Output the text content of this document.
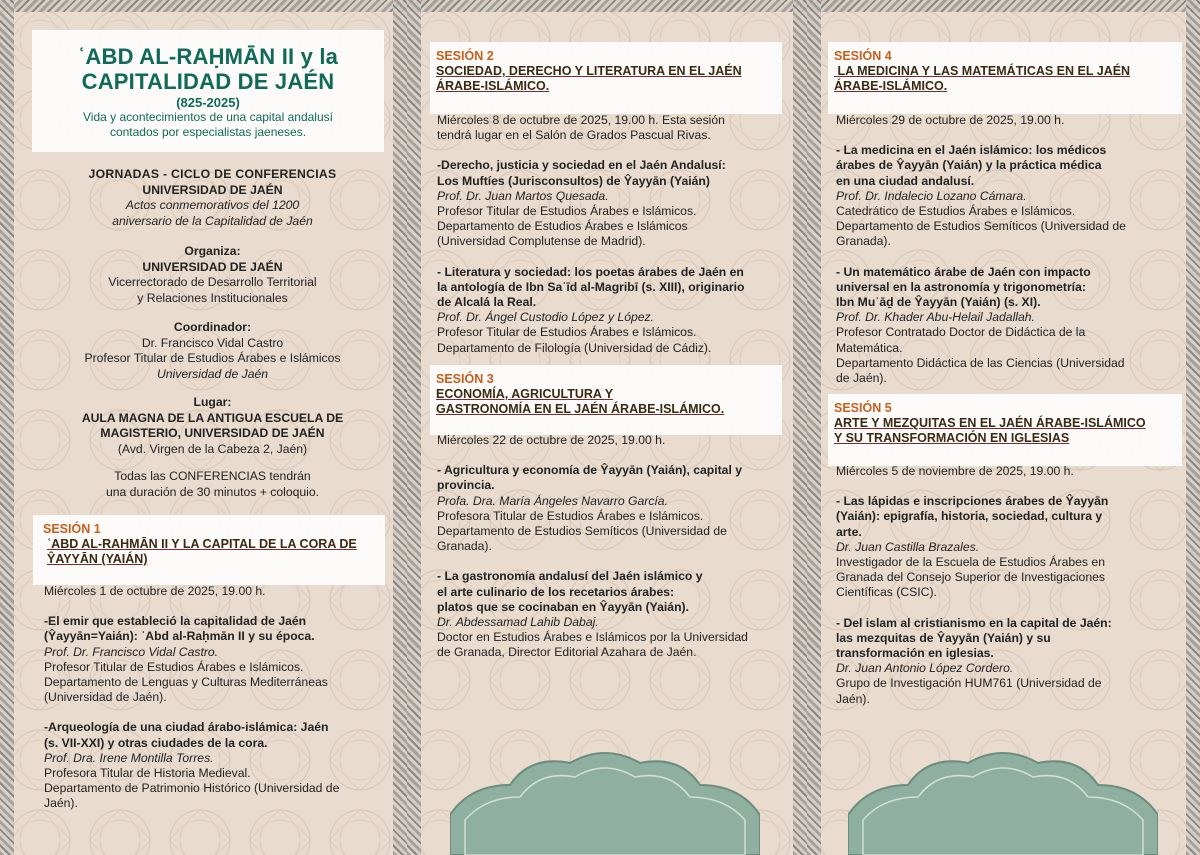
ʿABD AL-RAḤMĀN II y la
CAPITALIDAD DE JAÉN
(825-2025)
Vida y acontecimientos de una capital andalusí
contados por especialistas jaeneses.
JORNADAS - CICLO DE CONFERENCIAS
UNIVERSIDAD DE JAÉN
Actos conmemorativos del 1200
aniversario de la Capitalidad de Jaén
Organiza:
UNIVERSIDAD DE JAÉN
Vicerrectorado de Desarrollo Territorial
y Relaciones Institucionales
Coordinador:
Dr. Francisco Vidal Castro
Profesor Titular de Estudios Árabes e Islámicos
Universidad de Jaén
Lugar:
AULA MAGNA DE LA ANTIGUA ESCUELA DE
MAGISTERIO, UNIVERSIDAD DE JAÉN
(Avd. Virgen de la Cabeza 2, Jaén)
Todas las CONFERENCIAS tendrán
una duración de 30 minutos + coloquio.
SESIÓN 1
ʿABD AL-RAHMĀN II Y LA CAPITAL DE LA CORA DE
ŶAYYĀN (YAIÁN)

Miércoles 1 de octubre de 2025, 19.00 h.

-El emir que estableció la capitalidad de Jaén

(Ŷayyān=Yaián): ʿAbd al-Raḥmān II y su época.

Prof. Dr. Francisco Vidal Castro.

Profesor Titular de Estudios Árabes e Islámicos.

Departamento de Lenguas y Culturas Mediterráneas

(Universidad de Jaén).

-Arqueología de una ciudad árabo-islámica: Jaén

(s. VII-XXI) y otras ciudades de la cora.

Prof. Dra. Irene Montilla Torres.

Profesora Titular de Historia Medieval.

Departamento de Patrimonio Histórico (Universidad de

Jaén).

SESIÓN 2
SOCIEDAD, DERECHO Y LITERATURA EN EL JAÉN
ÁRABE-ISLÁMICO.

Miércoles 8 de octubre de 2025, 19.00 h. Esta sesión

tendrá lugar en el Salón de Grados Pascual Rivas.

-Derecho, justicia y sociedad en el Jaén Andalusí:

Los Muftíes (Jurisconsultos) de Ŷayyān (Yaián)

Prof. Dr. Juan Martos Quesada.

Profesor Titular de Estudios Árabes e Islámicos.

Departamento de Estudios Árabes e Islámicos

(Universidad Complutense de Madrid).

- Literatura y sociedad: los poetas árabes de Jaén en

la antología de Ibn Saʿīd al-Magribī (s. XIII), originario

de Alcalá la Real.

Prof. Dr. Ángel Custodio López y López.

Profesor Titular de Estudios Árabes e Islámicos.

Departamento de Filología (Universidad de Cádiz).

SESIÓN 3
ECONOMÍA, AGRICULTURA Y
GASTRONOMÍA EN EL JAÉN ÁRABE-ISLÁMICO.

Miércoles 22 de octubre de 2025, 19.00 h.

- Agricultura y economía de Ŷayyān (Yaián), capital y

provincia.

Profa. Dra. María Ángeles Navarro García.

Profesora Titular de Estudios Árabes e Islámicos.

Departamento de Estudios Semíticos (Universidad de

Granada).

- La gastronomía andalusí del Jaén islámico y

el arte culinario de los recetarios árabes:

platos que se cocinaban en Ŷayyān (Yaián).

Dr. Abdessamad Lahib Dabaj.

Doctor en Estudios Árabes e Islámicos por la Universidad

de Granada, Director Editorial Azahara de Jaén.

SESIÓN 4
LA MEDICINA Y LAS MATEMÁTICAS EN EL JAÉN
ÁRABE-ISLÁMICO.

Miércoles 29 de octubre de 2025, 19.00 h.

- La medicina en el Jaén islámico: los médicos

árabes de Ŷayyān (Yaián) y la práctica médica

en una ciudad andalusí.

Prof. Dr. Indalecio Lozano Cámara.

Catedrático de Estudios Árabes e Islámicos.

Departamento de Estudios Semíticos (Universidad de

Granada).

- Un matemático árabe de Jaén con impacto

universal en la astronomía y trigonometría:

Ibn Muʿāḏ de Ŷayyān (Yaián) (s. XI).

Prof. Dr. Khader Abu-Helail Jadallah.

Profesor Contratado Doctor de Didáctica de la

Matemática.

Departamento Didáctica de las Ciencias (Universidad

de Jaén).

SESIÓN 5
ARTE Y MEZQUITAS EN EL JAÉN ÁRABE-ISLÁMICO
Y SU TRANSFORMACIÓN EN IGLESIAS

Miércoles 5 de noviembre de 2025, 19.00 h.

- Las lápidas e inscripciones árabes de Ŷayyān

(Yaián): epigrafía, historia, sociedad, cultura y

arte.

Dr. Juan Castilla Brazales.

Investigador de la Escuela de Estudios Árabes en

Granada del Consejo Superior de Investigaciones

Científicas (CSIC).

- Del islam al cristianismo en la capital de Jaén:

las mezquitas de Ŷayyān (Yaián) y su

transformación en iglesias.

Dr. Juan Antonio López Cordero.

Grupo de Investigación HUM761 (Universidad de

Jaén).
